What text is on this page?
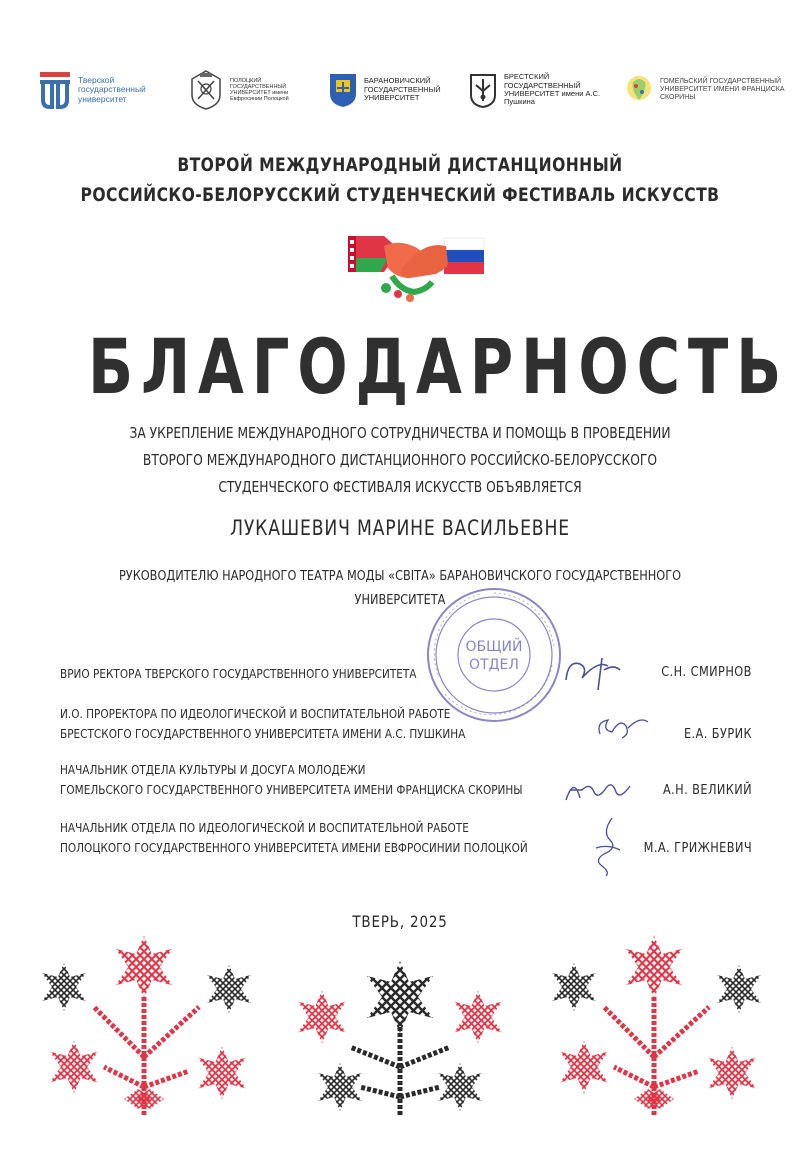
Тверской государственный университет
ПОЛОЦКИЙ ГОСУДАРСТВЕННЫЙ УНИВЕРСИТЕТ имени Евфросинии Полоцкой
БАРАНОВИЧСКИЙ ГОСУДАРСТВЕННЫЙ УНИВЕРСИТЕТ
БРЕСТСКИЙ ГОСУДАРСТВЕННЫЙ УНИВЕРСИТЕТ имени А.С. Пушкина
ГОМЕЛЬСКИЙ ГОСУДАРСТВЕННЫЙ УНИВЕРСИТЕТ ИМЕНИ ФРАНЦИСКА СКОРИНЫ
ВТОРОЙ МЕЖДУНАРОДНЫЙ ДИСТАНЦИОННЫЙ
РОССИЙСКО-БЕЛОРУССКИЙ СТУДЕНЧЕСКИЙ ФЕСТИВАЛЬ ИСКУССТВ
БЛАГОДАРНОСТЬ
ЗА УКРЕПЛЕНИЕ МЕЖДУНАРОДНОГО СОТРУДНИЧЕСТВА И ПОМОЩЬ В ПРОВЕДЕНИИ
ВТОРОГО МЕЖДУНАРОДНОГО ДИСТАНЦИОННОГО РОССИЙСКО-БЕЛОРУССКОГО
СТУДЕНЧЕСКОГО ФЕСТИВАЛЯ ИСКУССТВ ОБЪЯВЛЯЕТСЯ
ЛУКАШЕВИЧ МАРИНЕ ВАСИЛЬЕВНЕ
РУКОВОДИТЕЛЮ НАРОДНОГО ТЕАТРА МОДЫ «СВIТА» БАРАНОВИЧСКОГО ГОСУДАРСТВЕННОГО
УНИВЕРСИТЕТА
ОБЩИЙ
ОТДЕЛ
ВРИО РЕКТОРА ТВЕРСКОГО ГОСУДАРСТВЕННОГО УНИВЕРСИТЕТА	С.Н. СМИРНОВ
И.О. ПРОРЕКТОРА ПО ИДЕОЛОГИЧЕСКОЙ И ВОСПИТАТЕЛЬНОЙ РАБОТЕ
БРЕСТСКОГО ГОСУДАРСТВЕННОГО УНИВЕРСИТЕТА ИМЕНИ А.С. ПУШКИНА	Е.А. БУРИК
НАЧАЛЬНИК ОТДЕЛА КУЛЬТУРЫ И ДОСУГА МОЛОДЕЖИ
ГОМЕЛЬСКОГО ГОСУДАРСТВЕННОГО УНИВЕРСИТЕТА ИМЕНИ ФРАНЦИСКА СКОРИНЫ	А.Н. ВЕЛИКИЙ
НАЧАЛЬНИК ОТДЕЛА ПО ИДЕОЛОГИЧЕСКОЙ И ВОСПИТАТЕЛЬНОЙ РАБОТЕ
ПОЛОЦКОГО ГОСУДАРСТВЕННОГО УНИВЕРСИТЕТА ИМЕНИ ЕВФРОСИНИИ ПОЛОЦКОЙ	М.А. ГРИЖНЕВИЧ
ТВЕРЬ, 2025
